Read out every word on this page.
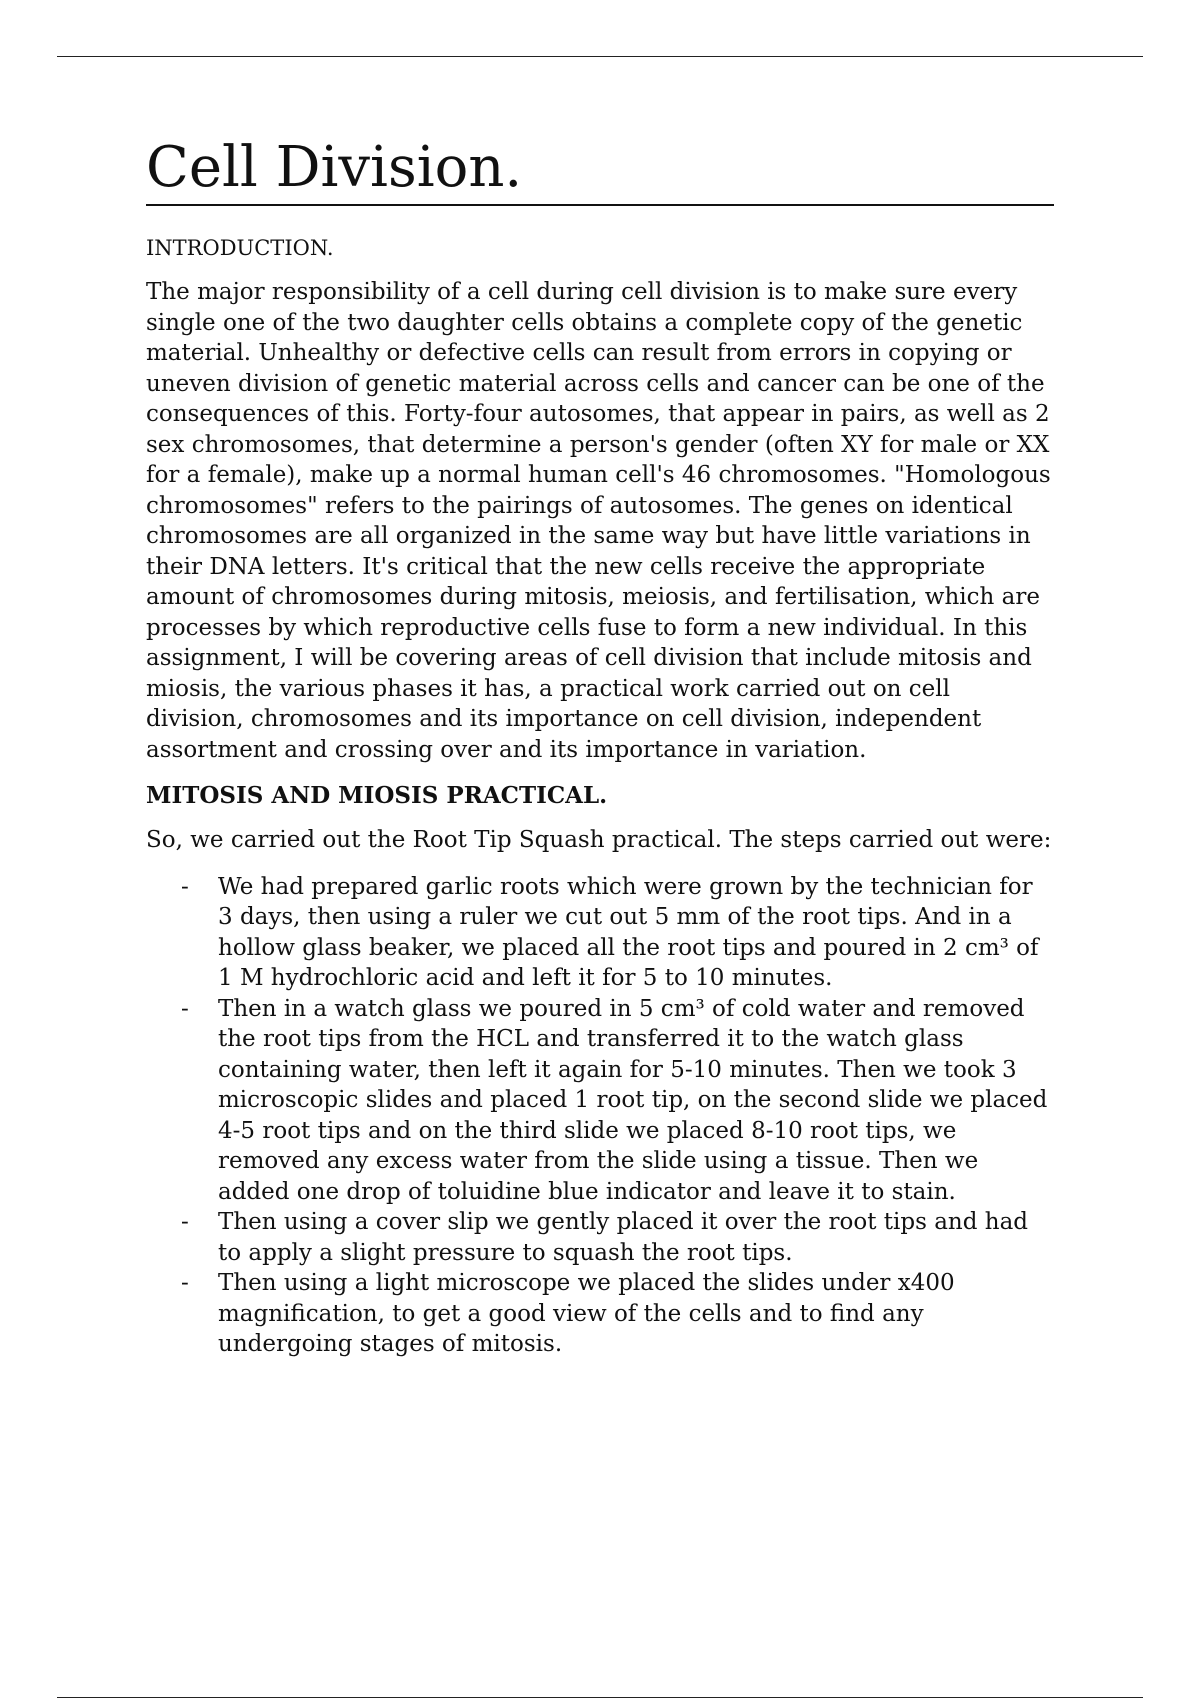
Cell Division.
INTRODUCTION.

The major responsibility of a cell during cell division is to make sure every single one of the two daughter cells obtains a complete copy of the genetic material. Unhealthy or defective cells can result from errors in copying or uneven division of genetic material across cells and cancer can be one of the consequences of this. Forty-four autosomes, that appear in pairs, as well as 2 sex chromosomes, that determine a person's gender (often XY for male or XX for a female), make up a normal human cell's 46 chromosomes. "Homologous chromosomes" refers to the pairings of autosomes. The genes on identical chromosomes are all organized in the same way but have little variations in their DNA letters. It's critical that the new cells receive the appropriate amount of chromosomes during mitosis, meiosis, and fertilisation, which are processes by which reproductive cells fuse to form a new individual. In this assignment, I will be covering areas of cell division that include mitosis and miosis, the various phases it has, a practical work carried out on cell division, chromosomes and its importance on cell division, independent assortment and crossing over and its importance in variation.

MITOSIS AND MIOSIS PRACTICAL.

So, we carried out the Root Tip Squash practical. The steps carried out were:

- We had prepared garlic roots which were grown by the technician for 3 days, then using a ruler we cut out 5 mm of the root tips. And in a hollow glass beaker, we placed all the root tips and poured in 2 cm³ of 1 M hydrochloric acid and left it for 5 to 10 minutes.
- Then in a watch glass we poured in 5 cm³ of cold water and removed the root tips from the HCL and transferred it to the watch glass containing water, then left it again for 5-10 minutes. Then we took 3 microscopic slides and placed 1 root tip, on the second slide we placed 4-5 root tips and on the third slide we placed 8-10 root tips, we removed any excess water from the slide using a tissue. Then we added one drop of toluidine blue indicator and leave it to stain.
- Then using a cover slip we gently placed it over the root tips and had to apply a slight pressure to squash the root tips.
- Then using a light microscope we placed the slides under x400 magnification, to get a good view of the cells and to find any undergoing stages of mitosis.
